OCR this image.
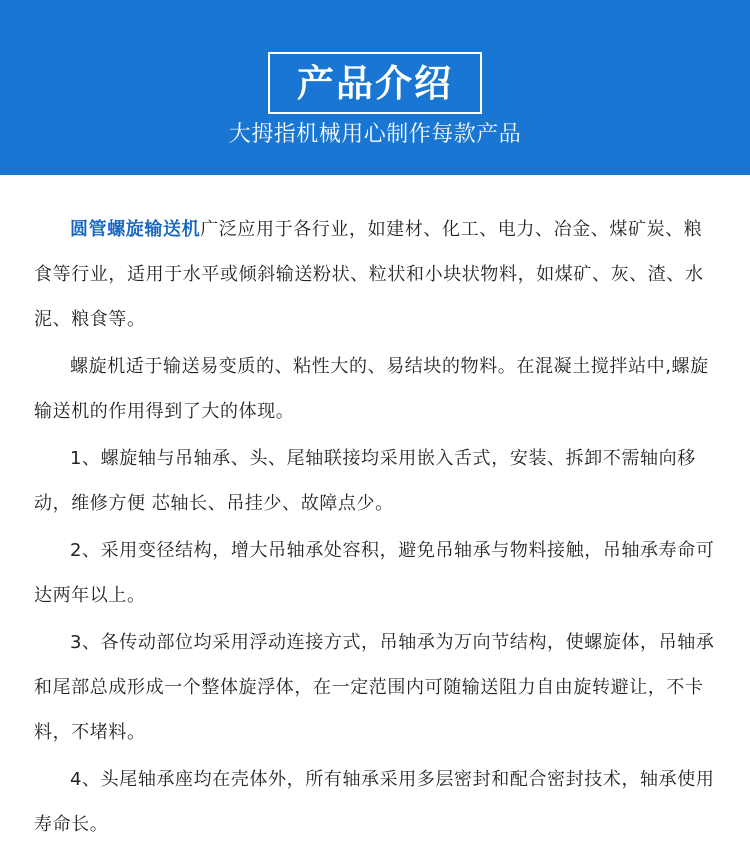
产品介绍
大拇指机械用心制作每款产品

圆管螺旋输送机广泛应用于各行业，如建材、化工、电力、冶金、煤矿炭、粮食等行业，适用于水平或倾斜输送粉状、粒状和小块状物料，如煤矿、灰、渣、水泥、粮食等。

螺旋机适于输送易变质的、粘性大的、易结块的物料。在混凝土搅拌站中,螺旋输送机的作用得到了大的体现。

1、螺旋轴与吊轴承、头、尾轴联接均采用嵌入舌式，安装、拆卸不需轴向移动，维修方便 芯轴长、吊挂少、故障点少。

2、采用变径结构，增大吊轴承处容积，避免吊轴承与物料接触，吊轴承寿命可达两年以上。

3、各传动部位均采用浮动连接方式，吊轴承为万向节结构，使螺旋体，吊轴承和尾部总成形成一个整体旋浮体，在一定范围内可随输送阻力自由旋转避让，不卡料，不堵料。

4、头尾轴承座均在壳体外，所有轴承采用多层密封和配合密封技术，轴承使用寿命长。
